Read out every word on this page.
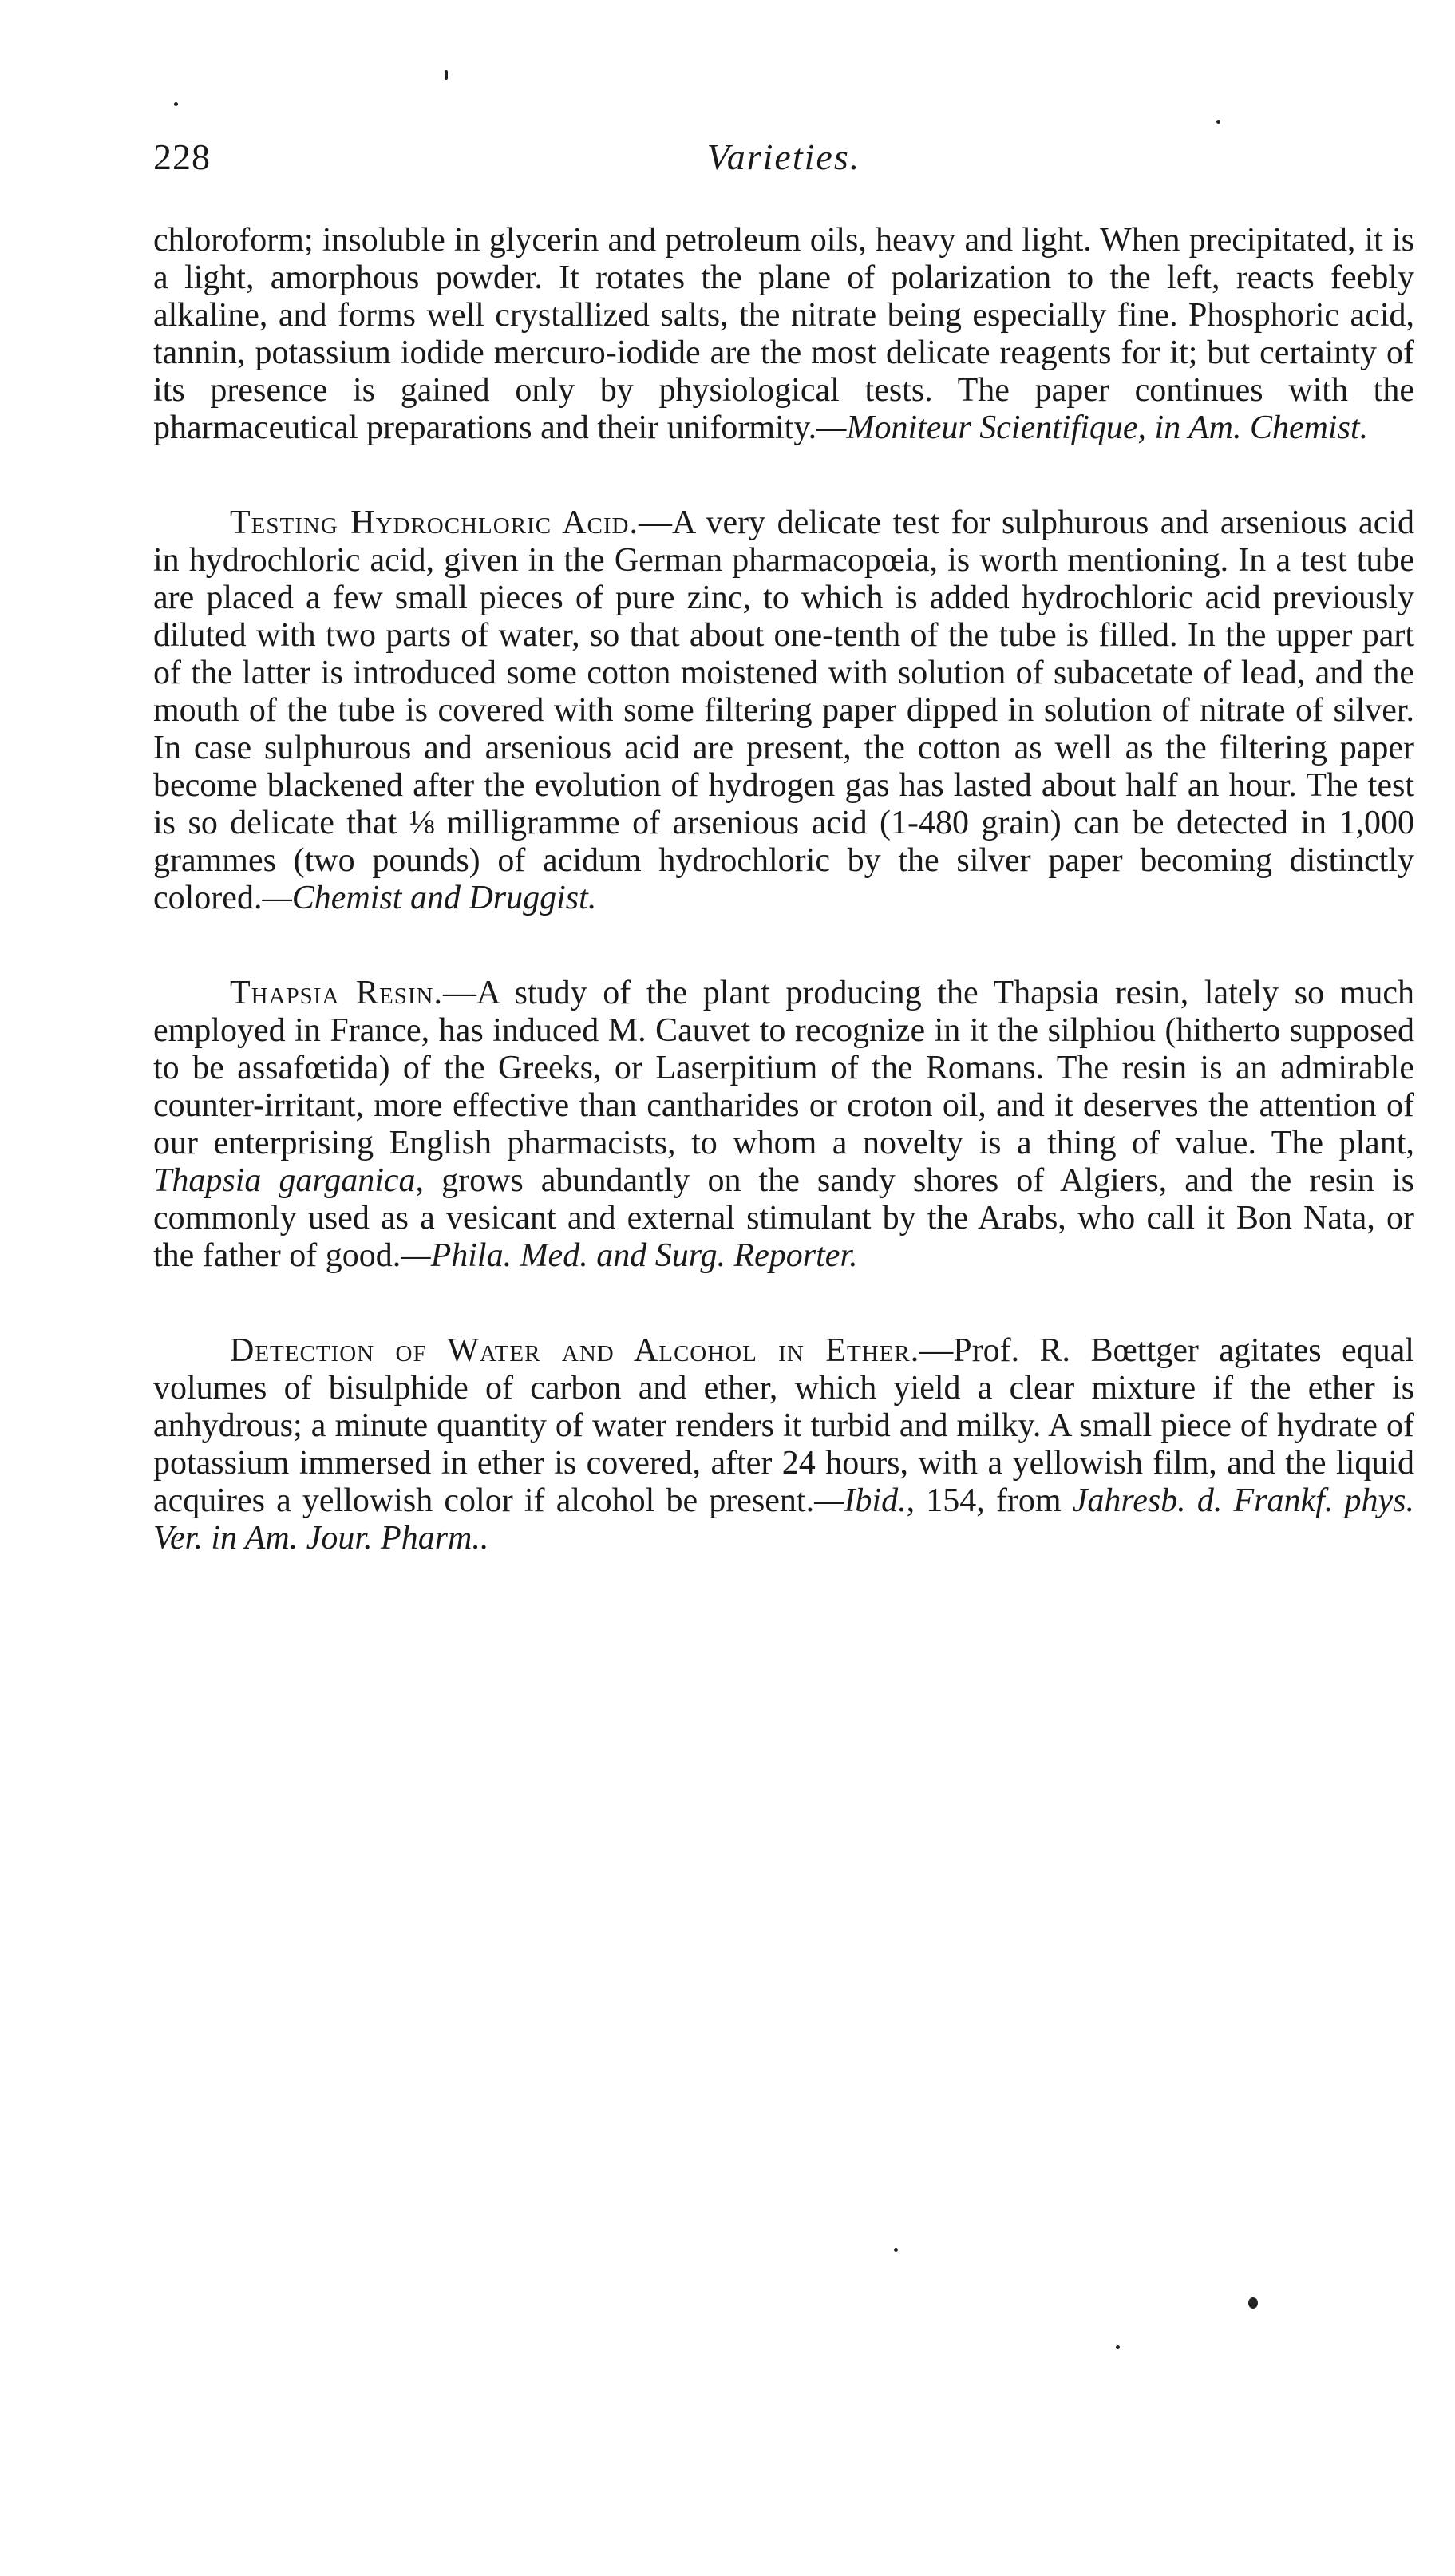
228	Varieties.

chloroform; insoluble in glycerin and petroleum oils, heavy and light. When precipitated, it is a light, amorphous powder. It rotates the plane of polarization to the left, reacts feebly alkaline, and forms well crystallized salts, the nitrate being especially fine. Phosphoric acid, tannin, potassium iodide mercuro-iodide are the most delicate reagents for it; but certainty of its presence is gained only by physiological tests. The paper continues with the pharmaceutical preparations and their uniformity.—Moniteur Scientifique, in Am. Chemist.

Testing Hydrochloric Acid.—A very delicate test for sulphurous and arsenious acid in hydrochloric acid, given in the German pharmacopœia, is worth mentioning. In a test tube are placed a few small pieces of pure zinc, to which is added hydrochloric acid previously diluted with two parts of water, so that about one-tenth of the tube is filled. In the upper part of the latter is introduced some cotton moistened with solution of subacetate of lead, and the mouth of the tube is covered with some filtering paper dipped in solution of nitrate of silver. In case sulphurous and arsenious acid are present, the cotton as well as the filtering paper become blackened after the evolution of hydrogen gas has lasted about half an hour. The test is so delicate that ⅛ milligramme of arsenious acid (1-480 grain) can be detected in 1,000 grammes (two pounds) of acidum hydrochloric by the silver paper becoming distinctly colored.—Chemist and Druggist.

Thapsia Resin.—A study of the plant producing the Thapsia resin, lately so much employed in France, has induced M. Cauvet to recognize in it the silphiou (hitherto supposed to be assafœtida) of the Greeks, or Laserpitium of the Romans. The resin is an admirable counter-irritant, more effective than cantharides or croton oil, and it deserves the attention of our enterprising English pharmacists, to whom a novelty is a thing of value. The plant, Thapsia garganica, grows abundantly on the sandy shores of Algiers, and the resin is commonly used as a vesicant and external stimulant by the Arabs, who call it Bon Nata, or the father of good.—Phila. Med. and Surg. Reporter.

Detection of Water and Alcohol in Ether.—Prof. R. Bœttger agitates equal volumes of bisulphide of carbon and ether, which yield a clear mixture if the ether is anhydrous; a minute quantity of water renders it turbid and milky. A small piece of hydrate of potassium immersed in ether is covered, after 24 hours, with a yellowish film, and the liquid acquires a yellowish color if alcohol be present.—Ibid., 154, from Jahresb. d. Frankf. phys. Ver. in Am. Jour. Pharm..
